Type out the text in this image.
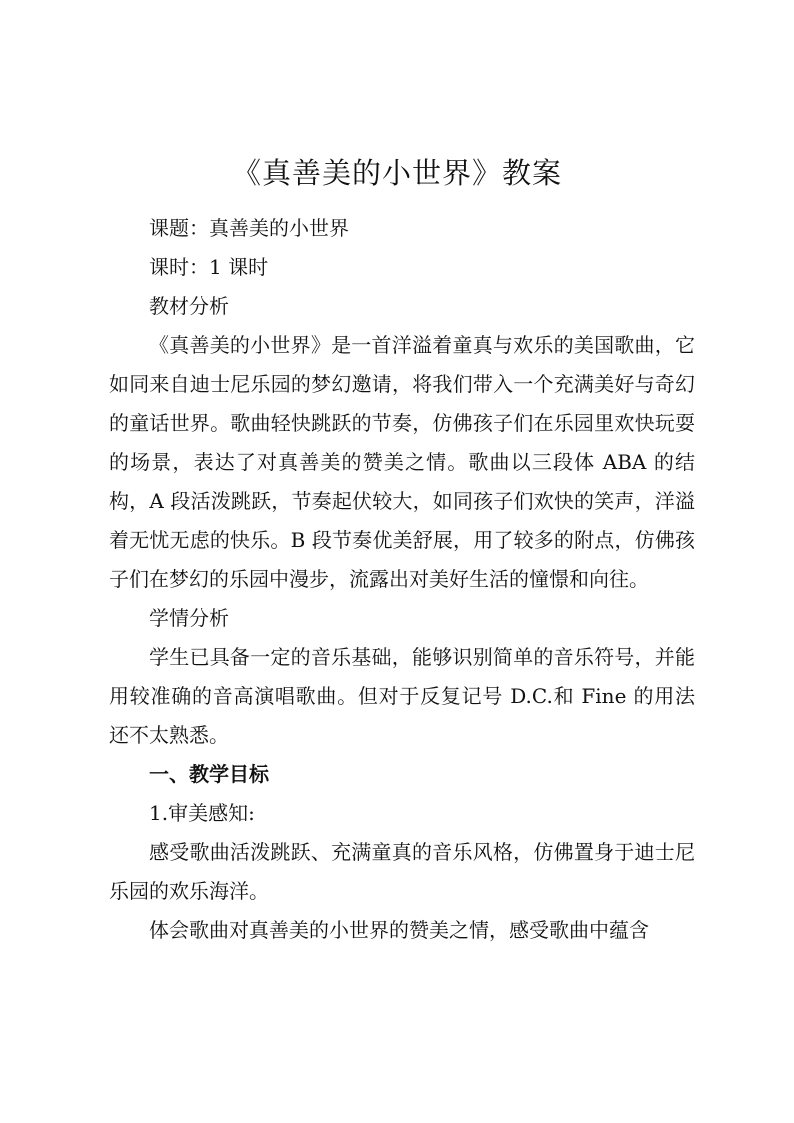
《真善美的小世界》教案

课题：真善美的小世界

课时：1 课时

教材分析

《真善美的小世界》是一首洋溢着童真与欢乐的美国歌曲，它如同来自迪士尼乐园的梦幻邀请，将我们带入一个充满美好与奇幻的童话世界。歌曲轻快跳跃的节奏，仿佛孩子们在乐园里欢快玩耍的场景，表达了对真善美的赞美之情。歌曲以三段体 ABA 的结构，A 段活泼跳跃，节奏起伏较大，如同孩子们欢快的笑声，洋溢着无忧无虑的快乐。B 段节奏优美舒展，用了较多的附点，仿佛孩子们在梦幻的乐园中漫步，流露出对美好生活的憧憬和向往。

学情分析

学生已具备一定的音乐基础，能够识别简单的音乐符号，并能用较准确的音高演唱歌曲。但对于反复记号 D.C.和 Fine 的用法还不太熟悉。

一、教学目标

1.审美感知:

感受歌曲活泼跳跃、充满童真的音乐风格，仿佛置身于迪士尼乐园的欢乐海洋。

体会歌曲对真善美的小世界的赞美之情，感受歌曲中蕴含
